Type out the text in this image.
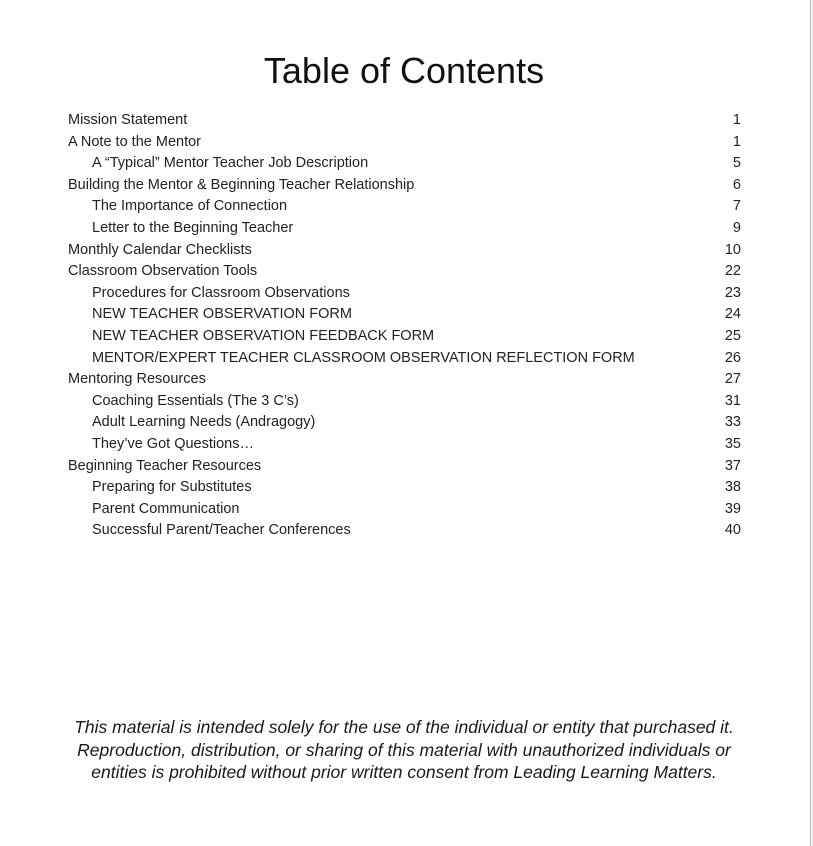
Table of Contents
Mission Statement	1
A Note to the Mentor	1
A “Typical” Mentor Teacher Job Description	5
Building the Mentor & Beginning Teacher Relationship	6
The Importance of Connection	7
Letter to the Beginning Teacher	9
Monthly Calendar Checklists	10
Classroom Observation Tools	22
Procedures for Classroom Observations	23
NEW TEACHER OBSERVATION FORM	24
NEW TEACHER OBSERVATION FEEDBACK FORM	25
MENTOR/EXPERT TEACHER CLASSROOM OBSERVATION REFLECTION FORM	26
Mentoring Resources	27
Coaching Essentials (The 3 C’s)	31
Adult Learning Needs (Andragogy)	33
They’ve Got Questions…	35
Beginning Teacher Resources	37
Preparing for Substitutes	38
Parent Communication	39
Successful Parent/Teacher Conferences	40

This material is intended solely for the use of the individual or entity that purchased it. Reproduction, distribution, or sharing of this material with unauthorized individuals or entities is prohibited without prior written consent from Leading Learning Matters.
